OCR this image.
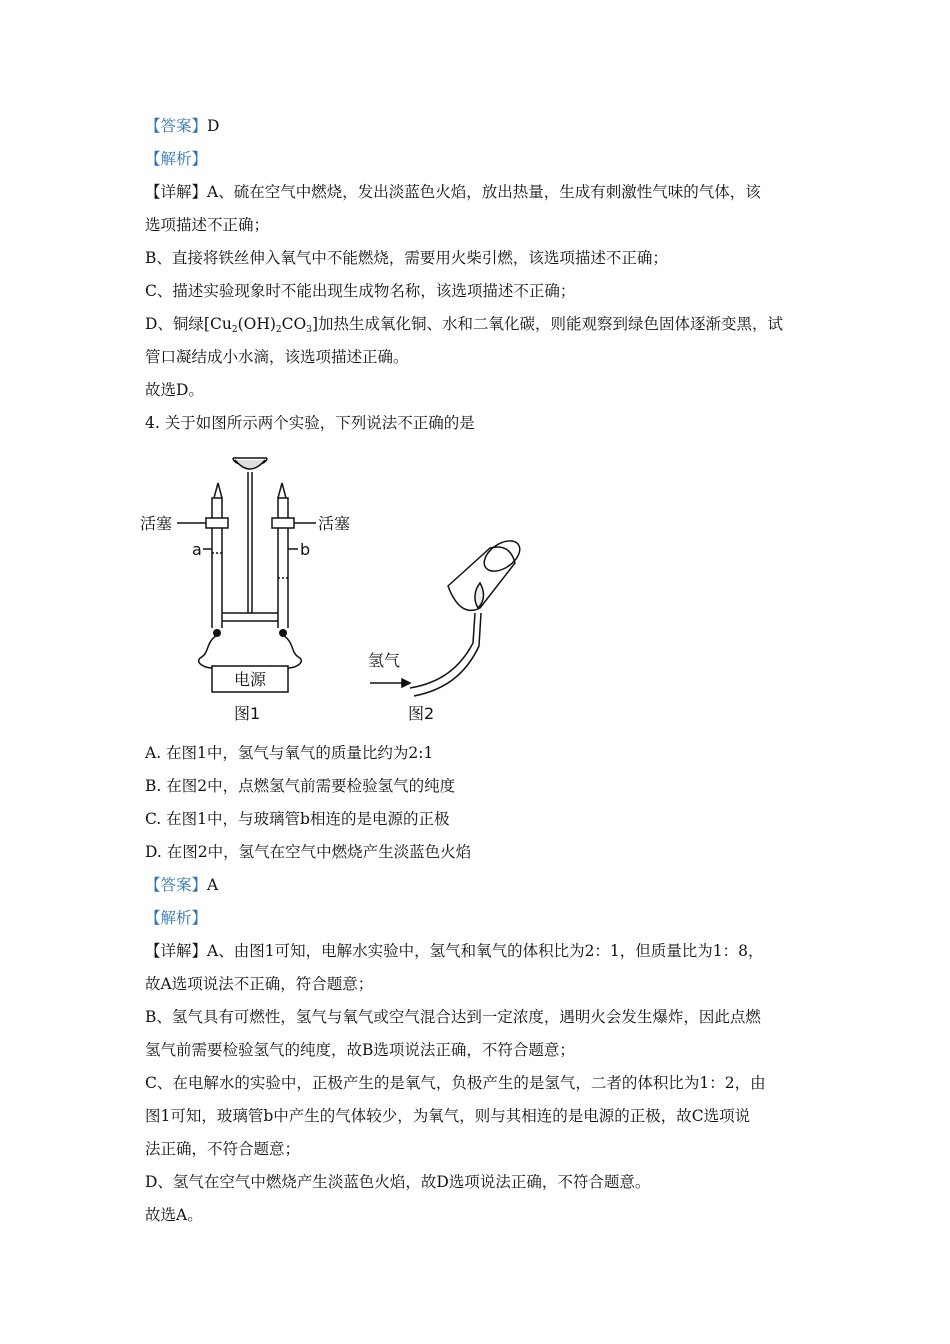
【答案】D
【解析】
【详解】A、硫在空气中燃烧，发出淡蓝色火焰，放出热量，生成有刺激性气味的气体，该
选项描述不正确；
B、直接将铁丝伸入氧气中不能燃烧，需要用火柴引燃，该选项描述不正确；
C、描述实验现象时不能出现生成物名称，该选项描述不正确；
D、铜绿$[Cu_2(OH)_2CO_3]$加热生成氧化铜、水和二氧化碳，则能观察到绿色固体逐渐变黑，试
管口凝结成小水滴，该选项描述正确。
故选D。
4. 关于如图所示两个实验，下列说法不正确的是
活塞	活塞
a	b
电源
图1
氢气
图2
A. 在图1中，氢气与氧气的质量比约为2:1
B. 在图2中，点燃氢气前需要检验氢气的纯度
C. 在图1中，与玻璃管b相连的是电源的正极
D. 在图2中，氢气在空气中燃烧产生淡蓝色火焰
【答案】A
【解析】
【详解】A、由图1可知，电解水实验中，氢气和氧气的体积比为2：1，但质量比为1：8，
故A选项说法不正确，符合题意；
B、氢气具有可燃性，氢气与氧气或空气混合达到一定浓度，遇明火会发生爆炸，因此点燃
氢气前需要检验氢气的纯度，故B选项说法正确，不符合题意；
C、在电解水的实验中，正极产生的是氧气，负极产生的是氢气，二者的体积比为1：2，由
图1可知，玻璃管b中产生的气体较少，为氧气，则与其相连的是电源的正极，故C选项说
法正确，不符合题意；
D、氢气在空气中燃烧产生淡蓝色火焰，故D选项说法正确，不符合题意。
故选A。
